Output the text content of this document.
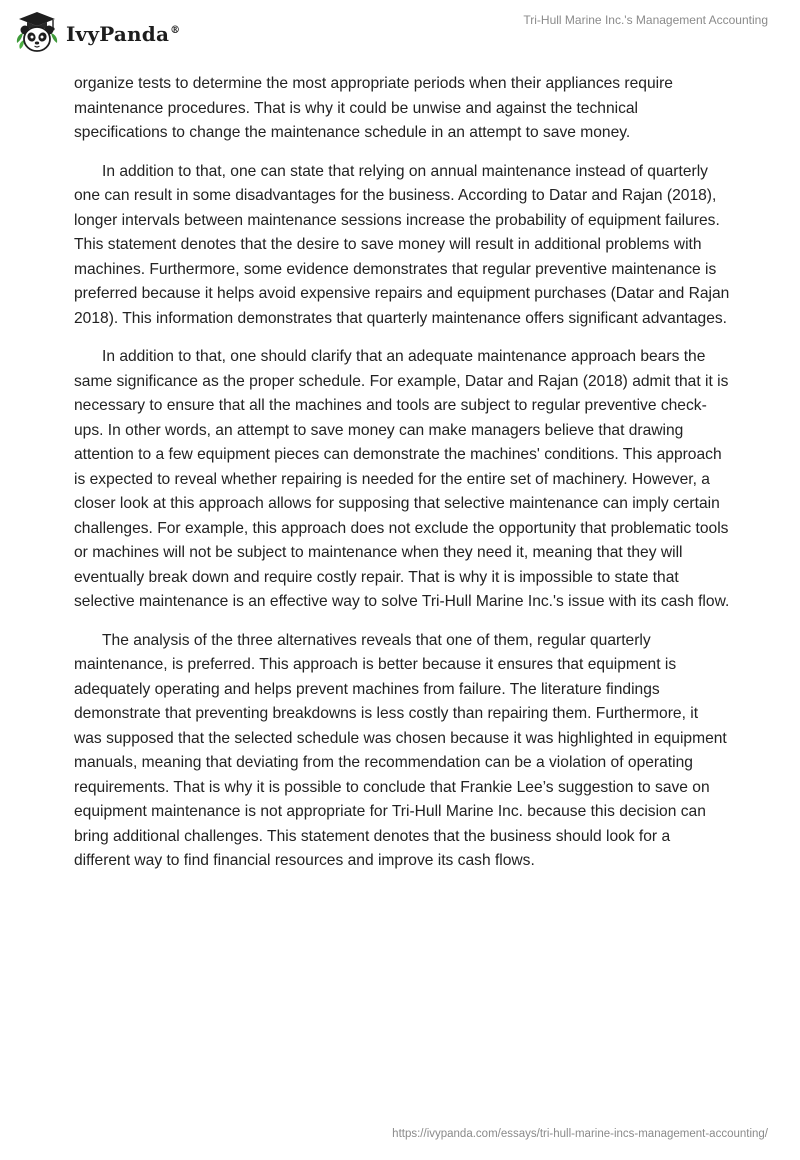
IvyPanda®
Tri-Hull Marine Inc.'s Management Accounting

organize tests to determine the most appropriate periods when their appliances require maintenance procedures. That is why it could be unwise and against the technical specifications to change the maintenance schedule in an attempt to save money.

In addition to that, one can state that relying on annual maintenance instead of quarterly one can result in some disadvantages for the business. According to Datar and Rajan (2018), longer intervals between maintenance sessions increase the probability of equipment failures. This statement denotes that the desire to save money will result in additional problems with machines. Furthermore, some evidence demonstrates that regular preventive maintenance is preferred because it helps avoid expensive repairs and equipment purchases (Datar and Rajan 2018). This information demonstrates that quarterly maintenance offers significant advantages.

In addition to that, one should clarify that an adequate maintenance approach bears the same significance as the proper schedule. For example, Datar and Rajan (2018) admit that it is necessary to ensure that all the machines and tools are subject to regular preventive check-ups. In other words, an attempt to save money can make managers believe that drawing attention to a few equipment pieces can demonstrate the machines' conditions. This approach is expected to reveal whether repairing is needed for the entire set of machinery. However, a closer look at this approach allows for supposing that selective maintenance can imply certain challenges. For example, this approach does not exclude the opportunity that problematic tools or machines will not be subject to maintenance when they need it, meaning that they will eventually break down and require costly repair. That is why it is impossible to state that selective maintenance is an effective way to solve Tri-Hull Marine Inc.'s issue with its cash flow.

The analysis of the three alternatives reveals that one of them, regular quarterly maintenance, is preferred. This approach is better because it ensures that equipment is adequately operating and helps prevent machines from failure. The literature findings demonstrate that preventing breakdowns is less costly than repairing them. Furthermore, it was supposed that the selected schedule was chosen because it was highlighted in equipment manuals, meaning that deviating from the recommendation can be a violation of operating requirements. That is why it is possible to conclude that Frankie Lee’s suggestion to save on equipment maintenance is not appropriate for Tri-Hull Marine Inc. because this decision can bring additional challenges. This statement denotes that the business should look for a different way to find financial resources and improve its cash flows.

https://ivypanda.com/essays/tri-hull-marine-incs-management-accounting/
